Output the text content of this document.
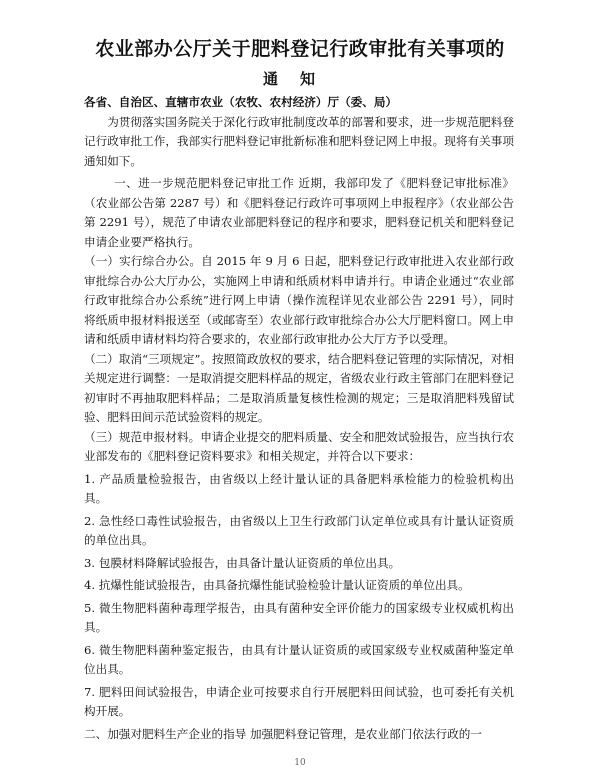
农业部办公厅关于肥料登记行政审批有关事项的
通知

各省、自治区、直辖市农业（农牧、农村经济）厅（委、局）

为贯彻落实国务院关于深化行政审批制度改革的部署和要求，进一步规范肥料登记行政审批工作，我部实行肥料登记审批新标准和肥料登记网上申报。现将有关事项通知如下。

一、进一步规范肥料登记审批工作 近期，我部印发了《肥料登记审批标准》（农业部公告第 2287 号）和《肥料登记行政许可事项网上申报程序》（农业部公告第 2291 号），规范了申请农业部肥料登记的程序和要求，肥料登记机关和肥料登记申请企业要严格执行。

（一）实行综合办公。自 2015 年 9 月 6 日起，肥料登记行政审批进入农业部行政审批综合办公大厅办公，实施网上申请和纸质材料申请并行。申请企业通过“农业部行政审批综合办公系统”进行网上申请（操作流程详见农业部公告 2291 号），同时将纸质申报材料报送至（或邮寄至）农业部行政审批综合办公大厅肥料窗口。网上申请和纸质申请材料均符合要求的，农业部行政审批办公大厅方予以受理。

（二）取消“三项规定”。按照简政放权的要求，结合肥料登记管理的实际情况，对相关规定进行调整：一是取消提交肥料样品的规定，省级农业行政主管部门在肥料登记初审时不再抽取肥料样品；二是取消质量复核性检测的规定；三是取消肥料残留试验、肥料田间示范试验资料的规定。

（三）规范申报材料。申请企业提交的肥料质量、安全和肥效试验报告，应当执行农业部发布的《肥料登记资料要求》和相关规定，并符合以下要求：

1. 产品质量检验报告，由省级以上经计量认证的具备肥料承检能力的检验机构出具。

2. 急性经口毒性试验报告，由省级以上卫生行政部门认定单位或具有计量认证资质的单位出具。

3. 包膜材料降解试验报告，由具备计量认证资质的单位出具。

4. 抗爆性能试验报告，由具备抗爆性能试验检验计量认证资质的单位出具。

5. 微生物肥料菌种毒理学报告，由具有菌种安全评价能力的国家级专业权威机构出具。

6. 微生物肥料菌种鉴定报告，由具有计量认证资质的或国家级专业权威菌种鉴定单位出具。

7. 肥料田间试验报告，申请企业可按要求自行开展肥料田间试验，也可委托有关机构开展。

二、加强对肥料生产企业的指导 加强肥料登记管理，是农业部门依法行政的一

10
